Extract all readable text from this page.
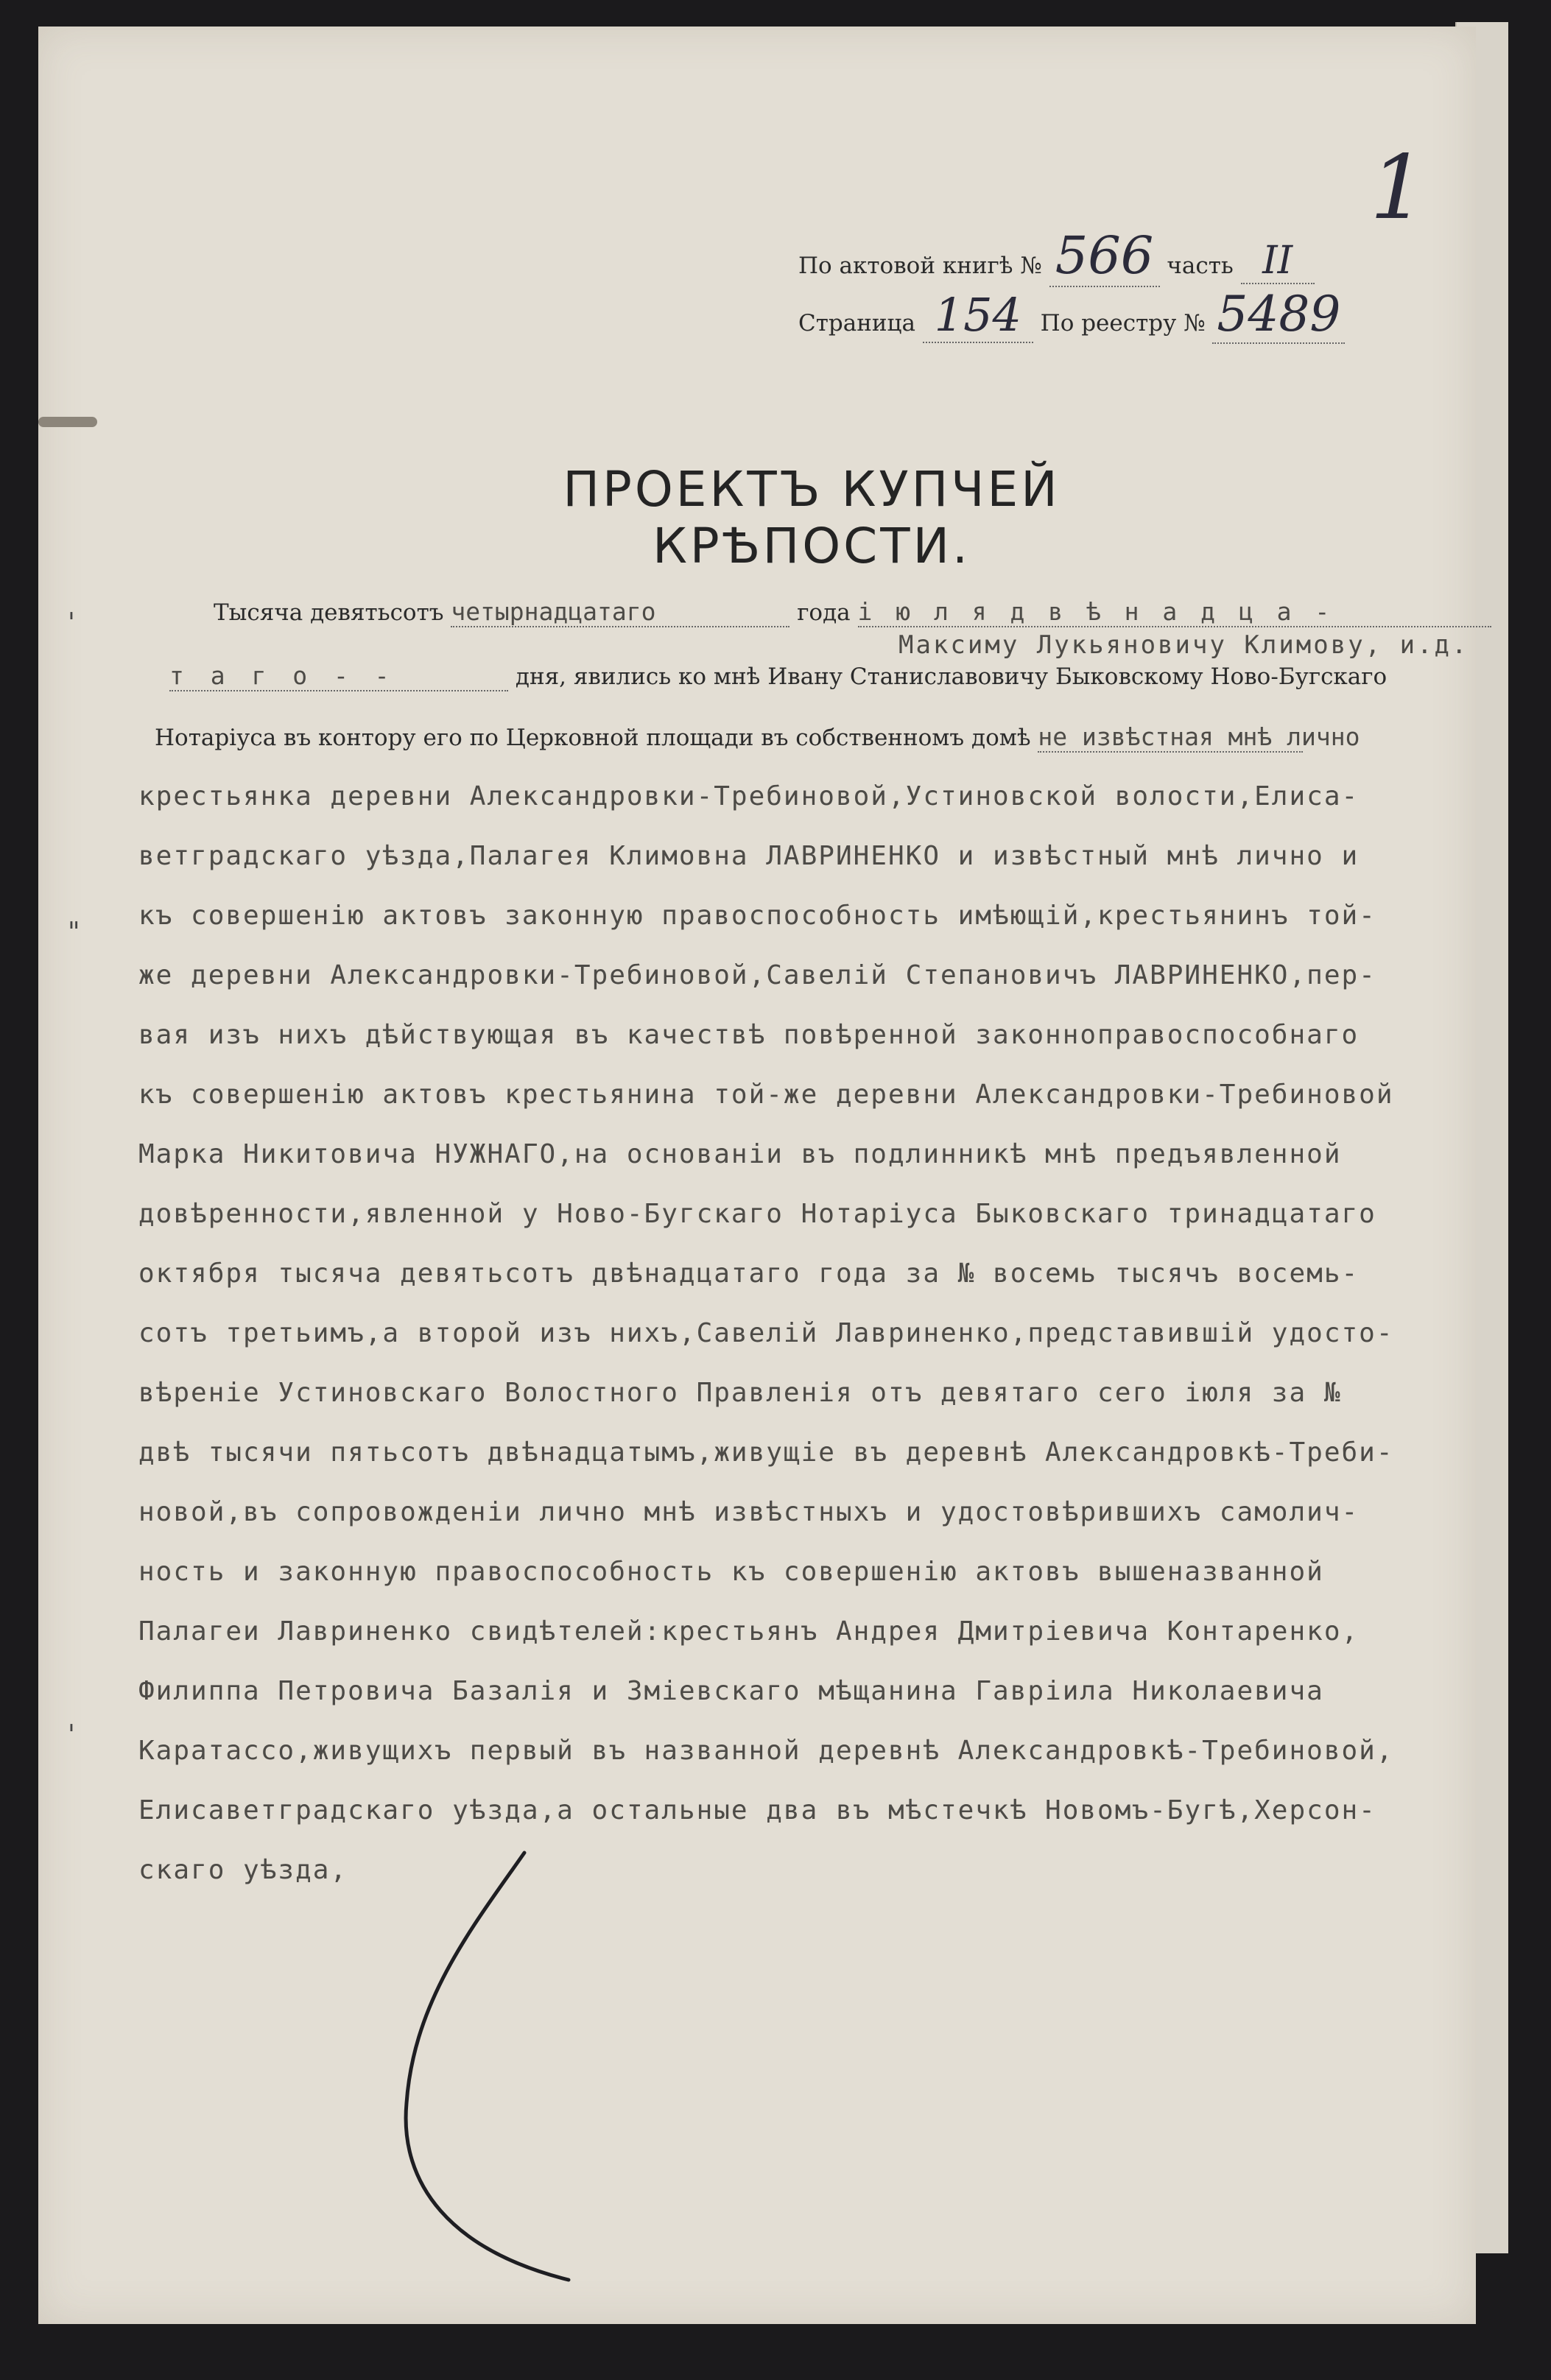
1
По актовой книгѣ № 566 часть II
Страница 154 По реестру № 5489
ПРОЕКТЪ КУПЧЕЙ КРѢПОСТИ.
Тысяча девятьсотъ четырнадцатаго	года і ю л я д в ѣ н а д ц а -
Максиму Лукьяновичу Климову, и.д.
т а г о - -	дня, явились ко мнѣ Ивану Станиславовичу Быковскому Ново-Бугскаго
Нотаріуса въ контору его по Церковной площади въ собственномъ домѣ не извѣстная мнѣ лично
крестьянка деревни Александровки-Требиновой,Устиновской волости,Елиса-
ветградскаго уѣзда,Палагея Климовна ЛАВРИНЕНКО и извѣстный мнѣ лично и
къ совершенію актовъ законную правоспособность имѣющій,крестьянинъ той-
же деревни Александровки-Требиновой,Савелій Степановичъ ЛАВРИНЕНКО,пер-
вая изъ нихъ дѣйствующая въ качествѣ повѣренной законноправоспособнаго
къ совершенію актовъ крестьянина той-же деревни Александровки-Требиновой
Марка Никитовича НУЖНАГО,на основаніи въ подлинникѣ мнѣ предъявленной
довѣренности,явленной у Ново-Бугскаго Нотаріуса Быковскаго тринадцатаго
октября тысяча девятьсотъ двѣнадцатаго года за № восемь тысячъ восемь-
сотъ третьимъ,а второй изъ нихъ,Савелій Лавриненко,представившій удосто-
вѣреніе Устиновскаго Волостного Правленія отъ девятаго сего іюля за №
двѣ тысячи пятьсотъ двѣнадцатымъ,живущіе въ деревнѣ Александровкѣ-Треби-
новой,въ сопровожденіи лично мнѣ извѣстныхъ и удостовѣрившихъ самолич-
ность и законную правоспособность къ совершенію актовъ вышеназванной
Палагеи Лавриненко свидѣтелей:крестьянъ Андрея Дмитріевича Контаренко,
Филиппа Петровича Базалія и Зміевскаго мѣщанина Гавріила Николаевича
Каратассо,живущихъ первый въ названной деревнѣ Александровкѣ-Требиновой,
Елисаветградскаго уѣзда,а остальные два въ мѣстечкѣ Новомъ-Бугѣ,Херсон-
скаго уѣзда,
'
"
'
